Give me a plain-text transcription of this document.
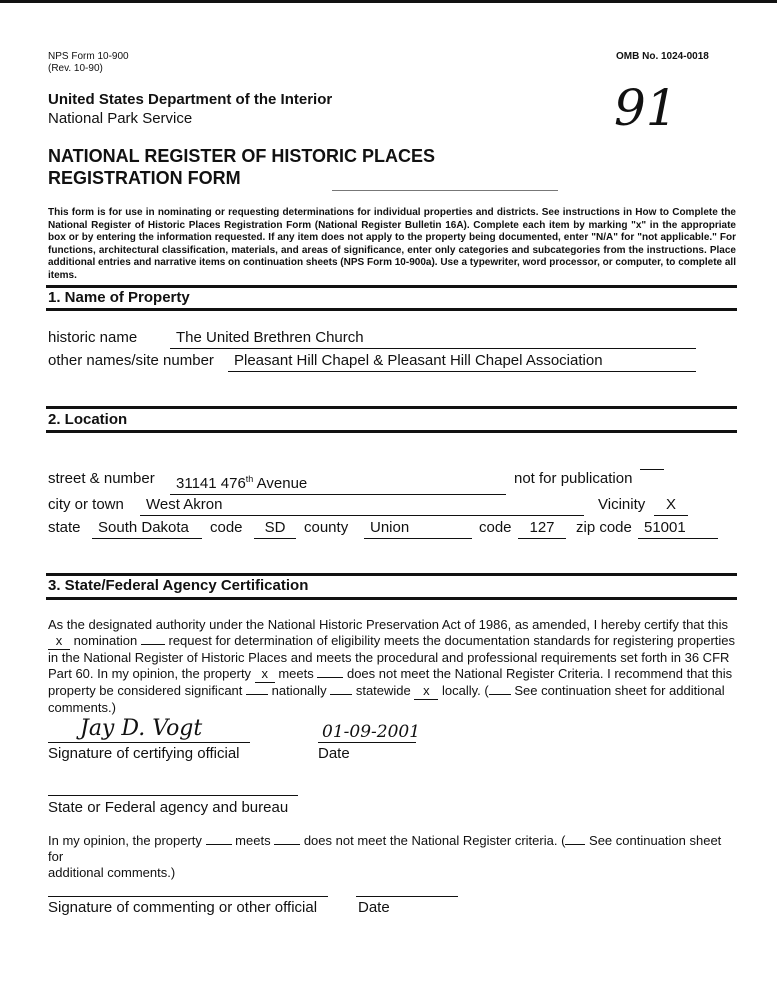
NPS Form 10-900
(Rev. 10-90)
OMB No. 1024-0018
United States Department of the Interior
National Park Service	91
NATIONAL REGISTER OF HISTORIC PLACES
REGISTRATION FORM
This form is for use in nominating or requesting determinations for individual properties and districts. See instructions in How to Complete the National Register of Historic Places Registration Form (National Register Bulletin 16A). Complete each item by marking "x" in the appropriate box or by entering the information requested. If any item does not apply to the property being documented, enter "N/A" for "not applicable." For functions, architectural classification, materials, and areas of significance, enter only categories and subcategories from the instructions. Place additional entries and narrative items on continuation sheets (NPS Form 10-900a). Use a typewriter, word processor, or computer, to complete all items.
1. Name of Property
historic name	The United Brethren Church
other names/site number	Pleasant Hill Chapel & Pleasant Hill Chapel Association
2. Location
street & number	31141 476th Avenue	not for publication
city or town	West Akron	Vicinity	X
state	South Dakota	code	SD	county	Union	code	127	zip code 51001
3. State/Federal Agency Certification
As the designated authority under the National Historic Preservation Act of 1986, as amended, I hereby certify that this
x nomination request for determination of eligibility meets the documentation standards for registering properties
in the National Register of Historic Places and meets the procedural and professional requirements set forth in 36 CFR
Part 60. In my opinion, the property x meets	does not meet the National Register Criteria. I recommend that this
property be considered significant nationally statewide x locally. ( See continuation sheet for additional
comments.)
Jay D. Vogt
Signature of certifying official
01-09-2001
Date
State or Federal agency and bureau
In my opinion, the property	meets	does not meet the National Register criteria. ( See continuation sheet for
additional comments.)
Signature of commenting or other official	Date
